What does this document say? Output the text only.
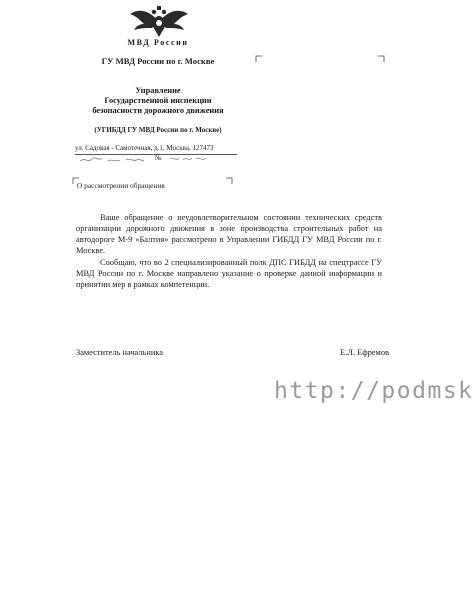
МВД России
ГУ МВД России по г. Москве
Управление
Государственной инспекции
безопасности дорожного движения
(УГИБДД ГУ МВД России по г. Москве)
ул. Садовая - Самотечная, д.1, Москва, 127473
№
О рассмотрении обращения
Ваше обращение о неудовлетворительном состоянии технических средств организации дорожного движения в зоне производства строительных работ на автодороге М-9 «Балтия» рассмотрено в Управлении ГИБДД ГУ МВД России по г. Москве.
Сообщаю, что во 2 специализированный полк ДПС ГИБДД на спецтрассе ГУ МВД России по г. Москве направлено указание о проверке данной информации и принятии мер в рамках компетенции.
Заместитель начальника	Е.Л. Ефремов
http://podmsk
